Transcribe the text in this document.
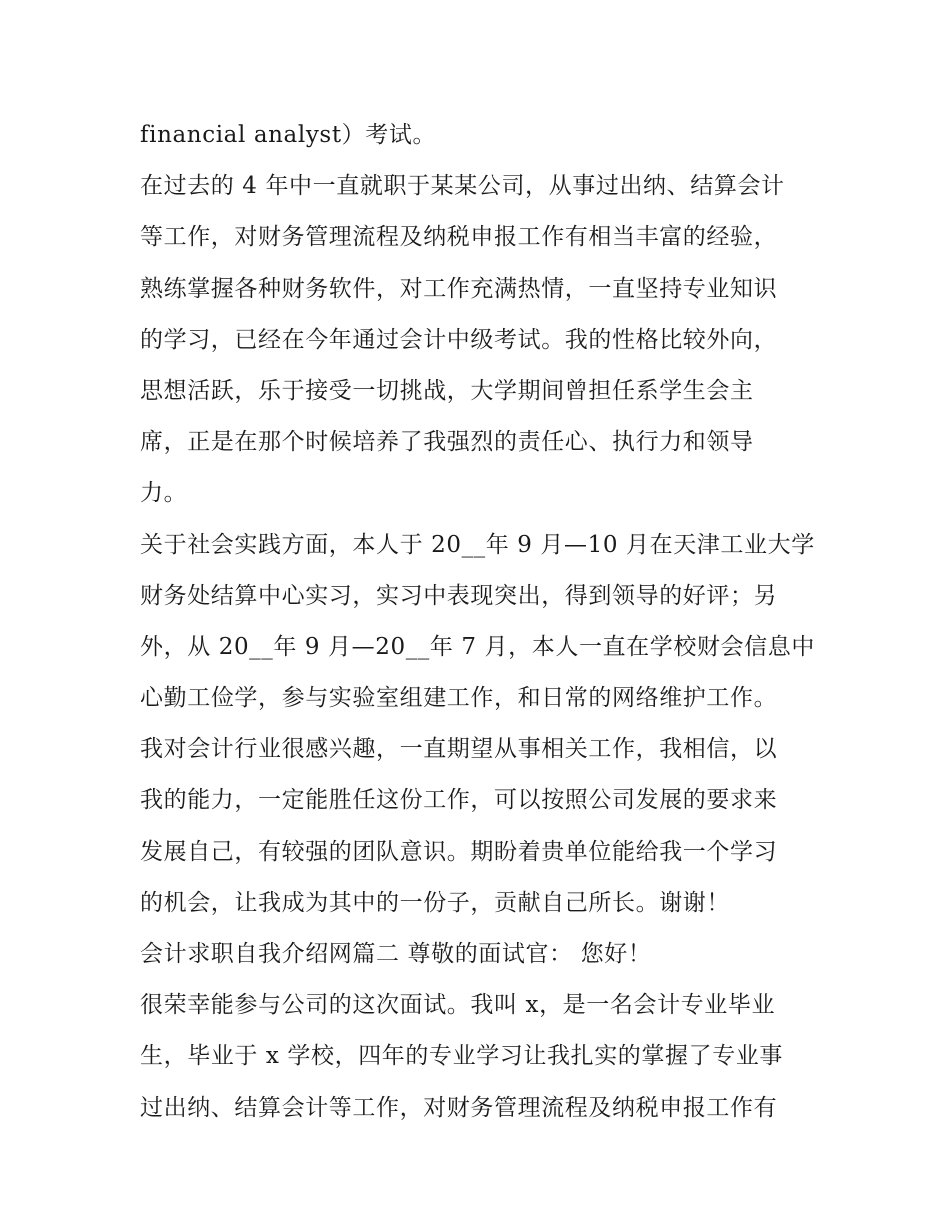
financial analyst）考试。
在过去的 4 年中一直就职于某某公司，从事过出纳、结算会计
等工作，对财务管理流程及纳税申报工作有相当丰富的经验，
熟练掌握各种财务软件，对工作充满热情，一直坚持专业知识
的学习，已经在今年通过会计中级考试。我的性格比较外向，
思想活跃，乐于接受一切挑战，大学期间曾担任系学生会主
席，正是在那个时候培养了我强烈的责任心、执行力和领导
力。
关于社会实践方面，本人于 20__年 9 月—10 月在天津工业大学
财务处结算中心实习，实习中表现突出，得到领导的好评；另
外，从 20__年 9 月—20__年 7 月，本人一直在学校财会信息中
心勤工俭学，参与实验室组建工作，和日常的网络维护工作。
我对会计行业很感兴趣，一直期望从事相关工作，我相信，以
我的能力，一定能胜任这份工作，可以按照公司发展的要求来
发展自己，有较强的团队意识。期盼着贵单位能给我一个学习
的机会，让我成为其中的一份子，贡献自己所长。谢谢！
会计求职自我介绍网篇二 尊敬的面试官： 您好！
很荣幸能参与公司的这次面试。我叫 x，是一名会计专业毕业
生，毕业于 x 学校，四年的专业学习让我扎实的掌握了专业事
过出纳、结算会计等工作，对财务管理流程及纳税申报工作有
